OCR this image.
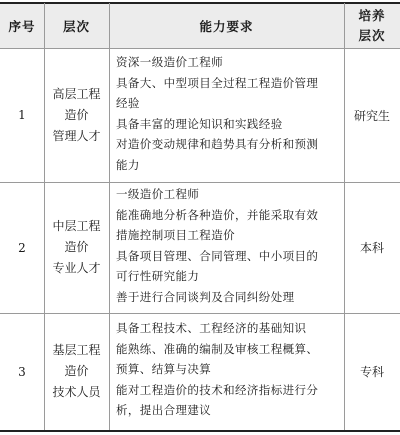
序号	层次	能力要求
培养
层次
1
高层工程
造价
管理人才
资深一级造价工程师
具备大、中型项目全过程工程造价管理
经验
具备丰富的理论知识和实践经验
对造价变动规律和趋势具有分析和预测
能力
研究生
2
中层工程
造价
专业人才
一级造价工程师
能准确地分析各种造价，并能采取有效
措施控制项目工程造价
具备项目管理、合同管理、中小项目的
可行性研究能力
善于进行合同谈判及合同纠纷处理
本科
3
基层工程
造价
技术人员
具备工程技术、工程经济的基础知识
能熟练、准确的编制及审核工程概算、
预算、结算与决算
能对工程造价的技术和经济指标进行分
析，提出合理建议
专科
